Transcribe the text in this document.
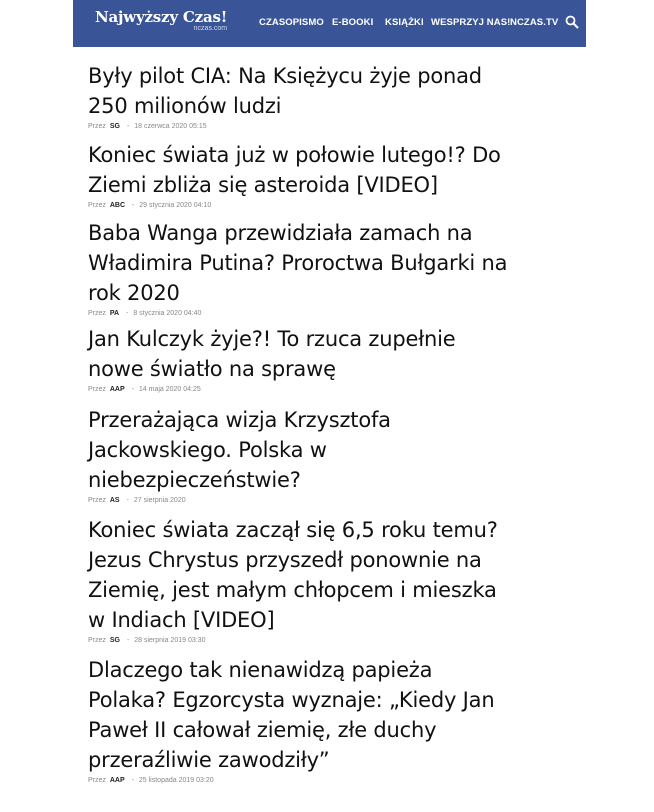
Najwyższy Czas!
nczas.com
CZASOPISMO E-BOOKI KSIĄŻKI WESPRZYJ NAS! NCZAS.TV
Były pilot CIA: Na Księżycu żyje ponad 250 milionów ludzi
Przez SG - 18 czerwca 2020 05:15
Koniec świata już w połowie lutego!? Do Ziemi zbliża się asteroida [VIDEO]
Przez ABC - 29 stycznia 2020 04:10
Baba Wanga przewidziała zamach na Władimira Putina? Proroctwa Bułgarki na rok 2020
Przez PA - 8 stycznia 2020 04:40
Jan Kulczyk żyje?! To rzuca zupełnie nowe światło na sprawę
Przez AAP - 14 maja 2020 04:25
Przerażająca wizja Krzysztofa Jackowskiego. Polska w niebezpieczeństwie?
Przez AS - 27 sierpnia 2020
Koniec świata zaczął się 6,5 roku temu? Jezus Chrystus przyszedł ponownie na Ziemię, jest małym chłopcem i mieszka w Indiach [VIDEO]
Przez SG - 28 sierpnia 2019 03:30
Dlaczego tak nienawidzą papieża Polaka? Egzorcysta wyznaje: „Kiedy Jan Paweł II całował ziemię, złe duchy przeraźliwie zawodziły”
Przez AAP - 25 listopada 2019 03:20
